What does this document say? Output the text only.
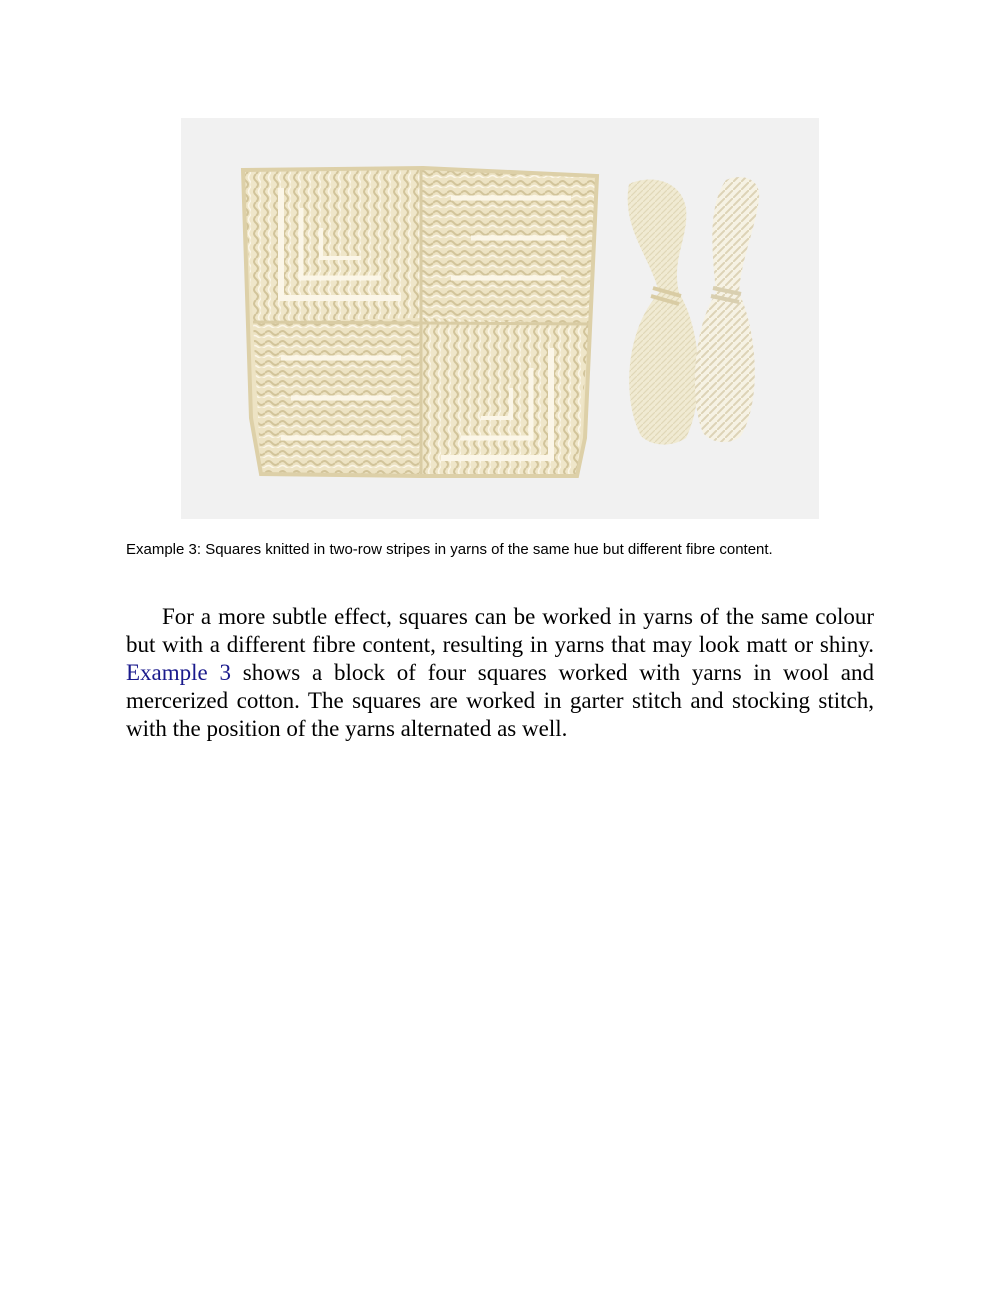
Example 3: Squares knitted in two-row stripes in yarns of the same hue but different fibre content.

For a more subtle effect, squares can be worked in yarns of the same colour but with a different fibre content, resulting in yarns that may look matt or shiny. Example 3 shows a block of four squares worked with yarns in wool and mercerized cotton. The squares are worked in garter stitch and stocking stitch, with the position of the yarns alternated as well.
